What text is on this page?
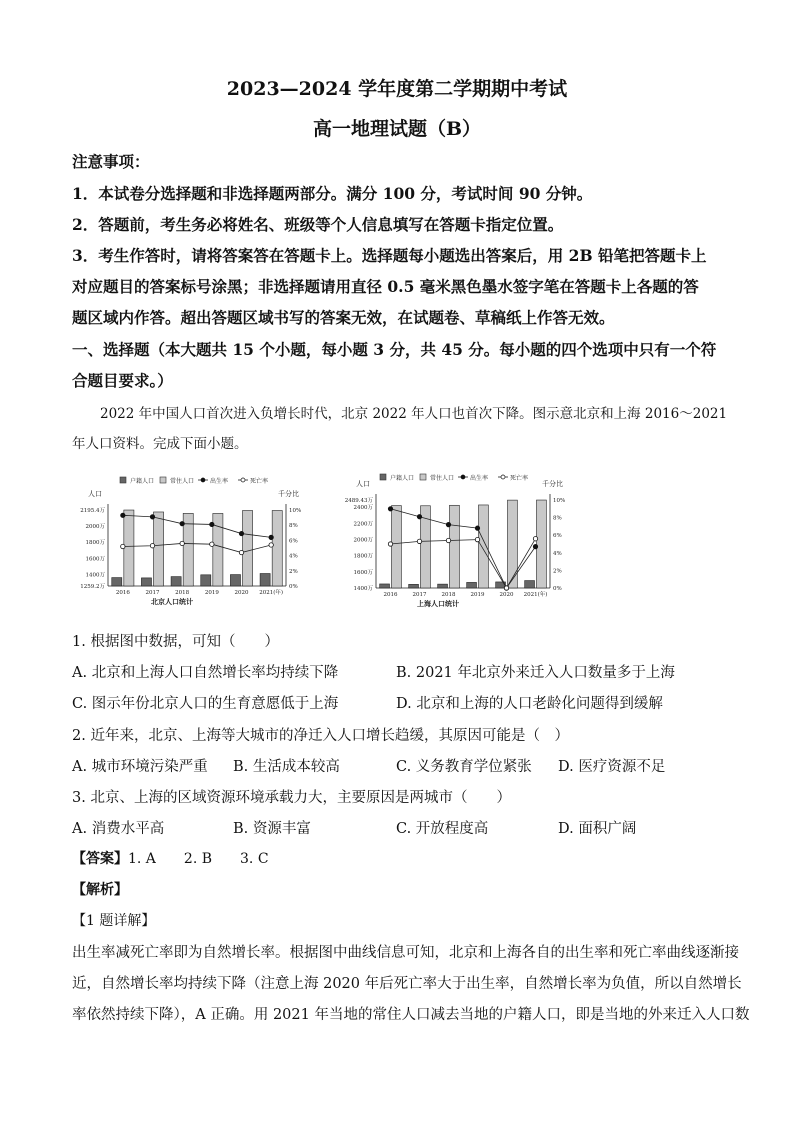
2023—2024 学年度第二学期期中考试
高一地理试题（B）
注意事项：
1．本试卷分选择题和非选择题两部分。满分 100 分，考试时间 90 分钟。
2．答题前，考生务必将姓名、班级等个人信息填写在答题卡指定位置。
3．考生作答时，请将答案答在答题卡上。选择题每小题选出答案后，用 2B 铅笔把答题卡上
对应题目的答案标号涂黑；非选择题请用直径 0.5 毫米黑色墨水签字笔在答题卡上各题的答
题区域内作答。超出答题区域书写的答案无效，在试题卷、草稿纸上作答无效。
一、选择题（本大题共 15 个小题，每小题 3 分，共 45 分。每小题的四个选项中只有一个符
合题目要求。）
2022 年中国人口首次进入负增长时代，北京 2022 年人口也首次下降。图示意北京和上海 2016～2021
年人口资料。完成下面小题。
户籍人口	常住人口	出生率	死亡率
人口	千分比
2195.4万
2000万
1800万
1600万
1400万
1259.2万
10%
8%
6%
4%
2%
0%
2016	2017	2018	2019	2020 2021(年)
北京人口统计
户籍人口	常住人口	出生率	死亡率
人口	千分比
2489.43万
2400万
2200万
2000万
1800万
1600万
1400万
10%
8%
6%
4%
2%
0%
2016	2017	2018	2019	2020 2021(年)
上海人口统计
1. 根据图中数据，可知（　　）
A. 北京和上海人口自然增长率均持续下降	B. 2021 年北京外来迁入人口数量多于上海
C. 图示年份北京人口的生育意愿低于上海	D. 北京和上海的人口老龄化问题得到缓解
2. 近年来，北京、上海等大城市的净迁入人口增长趋缓，其原因可能是（　）
A. 城市环境污染严重 B. 生活成本较高	C. 义务教育学位紧张 D. 医疗资源不足
3. 北京、上海的区域资源环境承载力大，主要原因是两城市（　　）
A. 消费水平高	B. 资源丰富	C. 开放程度高	D. 面积广阔
【答案】1. A　　2. B　　3. C
【解析】
【1 题详解】
出生率减死亡率即为自然增长率。根据图中曲线信息可知，北京和上海各自的出生率和死亡率曲线逐渐接
近，自然增长率均持续下降（注意上海 2020 年后死亡率大于出生率，自然增长率为负值，所以自然增长
率依然持续下降），A 正确。用 2021 年当地的常住人口减去当地的户籍人口，即是当地的外来迁入人口数
